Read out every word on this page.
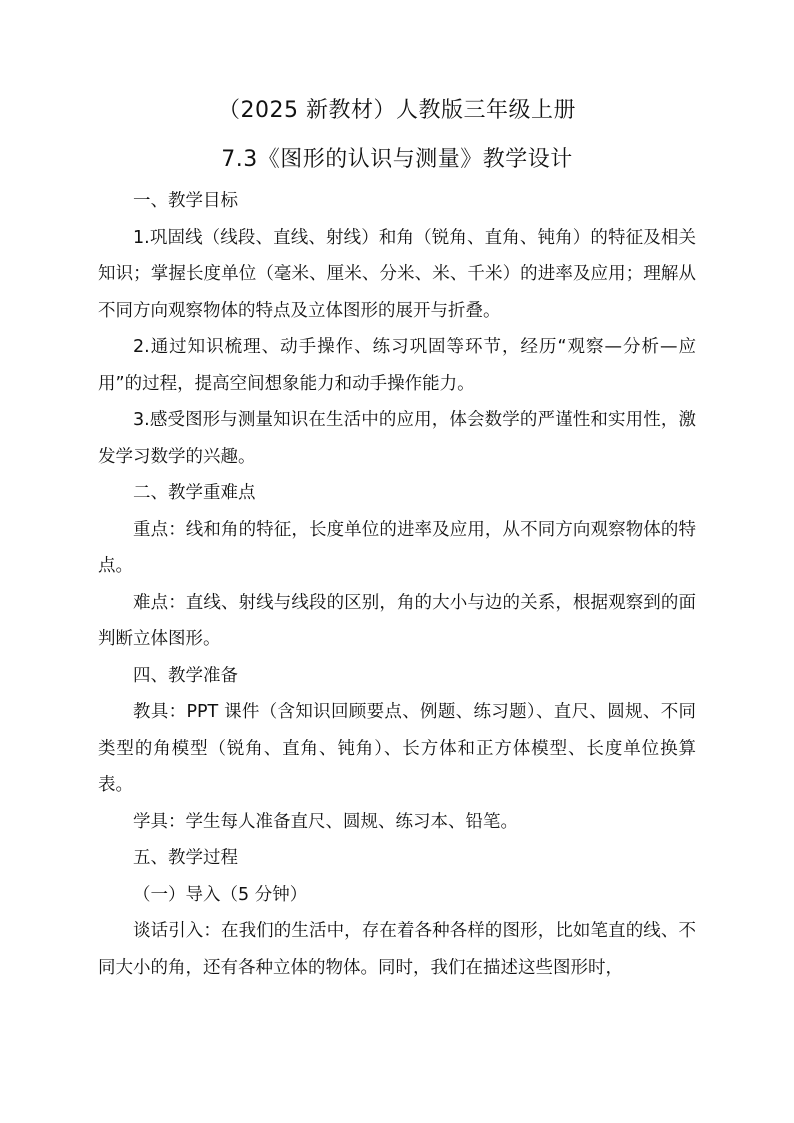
（2025 新教材）人教版三年级上册
7.3《图形的认识与测量》教学设计

一、教学目标

1.巩固线（线段、直线、射线）和角（锐角、直角、钝角）的特征及相关知识；掌握长度单位（毫米、厘米、分米、米、千米）的进率及应用；理解从不同方向观察物体的特点及立体图形的展开与折叠。

2.通过知识梳理、动手操作、练习巩固等环节，经历“观察—分析—应用”的过程，提高空间想象能力和动手操作能力。

3.感受图形与测量知识在生活中的应用，体会数学的严谨性和实用性，激发学习数学的兴趣。

二、教学重难点

重点：线和角的特征，长度单位的进率及应用，从不同方向观察物体的特点。

难点：直线、射线与线段的区别，角的大小与边的关系，根据观察到的面判断立体图形。

四、教学准备

教具：PPT 课件（含知识回顾要点、例题、练习题）、直尺、圆规、不同类型的角模型（锐角、直角、钝角）、长方体和正方体模型、长度单位换算表。

学具：学生每人准备直尺、圆规、练习本、铅笔。

五、教学过程

（一）导入（5 分钟）

谈话引入：在我们的生活中，存在着各种各样的图形，比如笔直的线、不同大小的角，还有各种立体的物体。同时，我们在描述这些图形时，
